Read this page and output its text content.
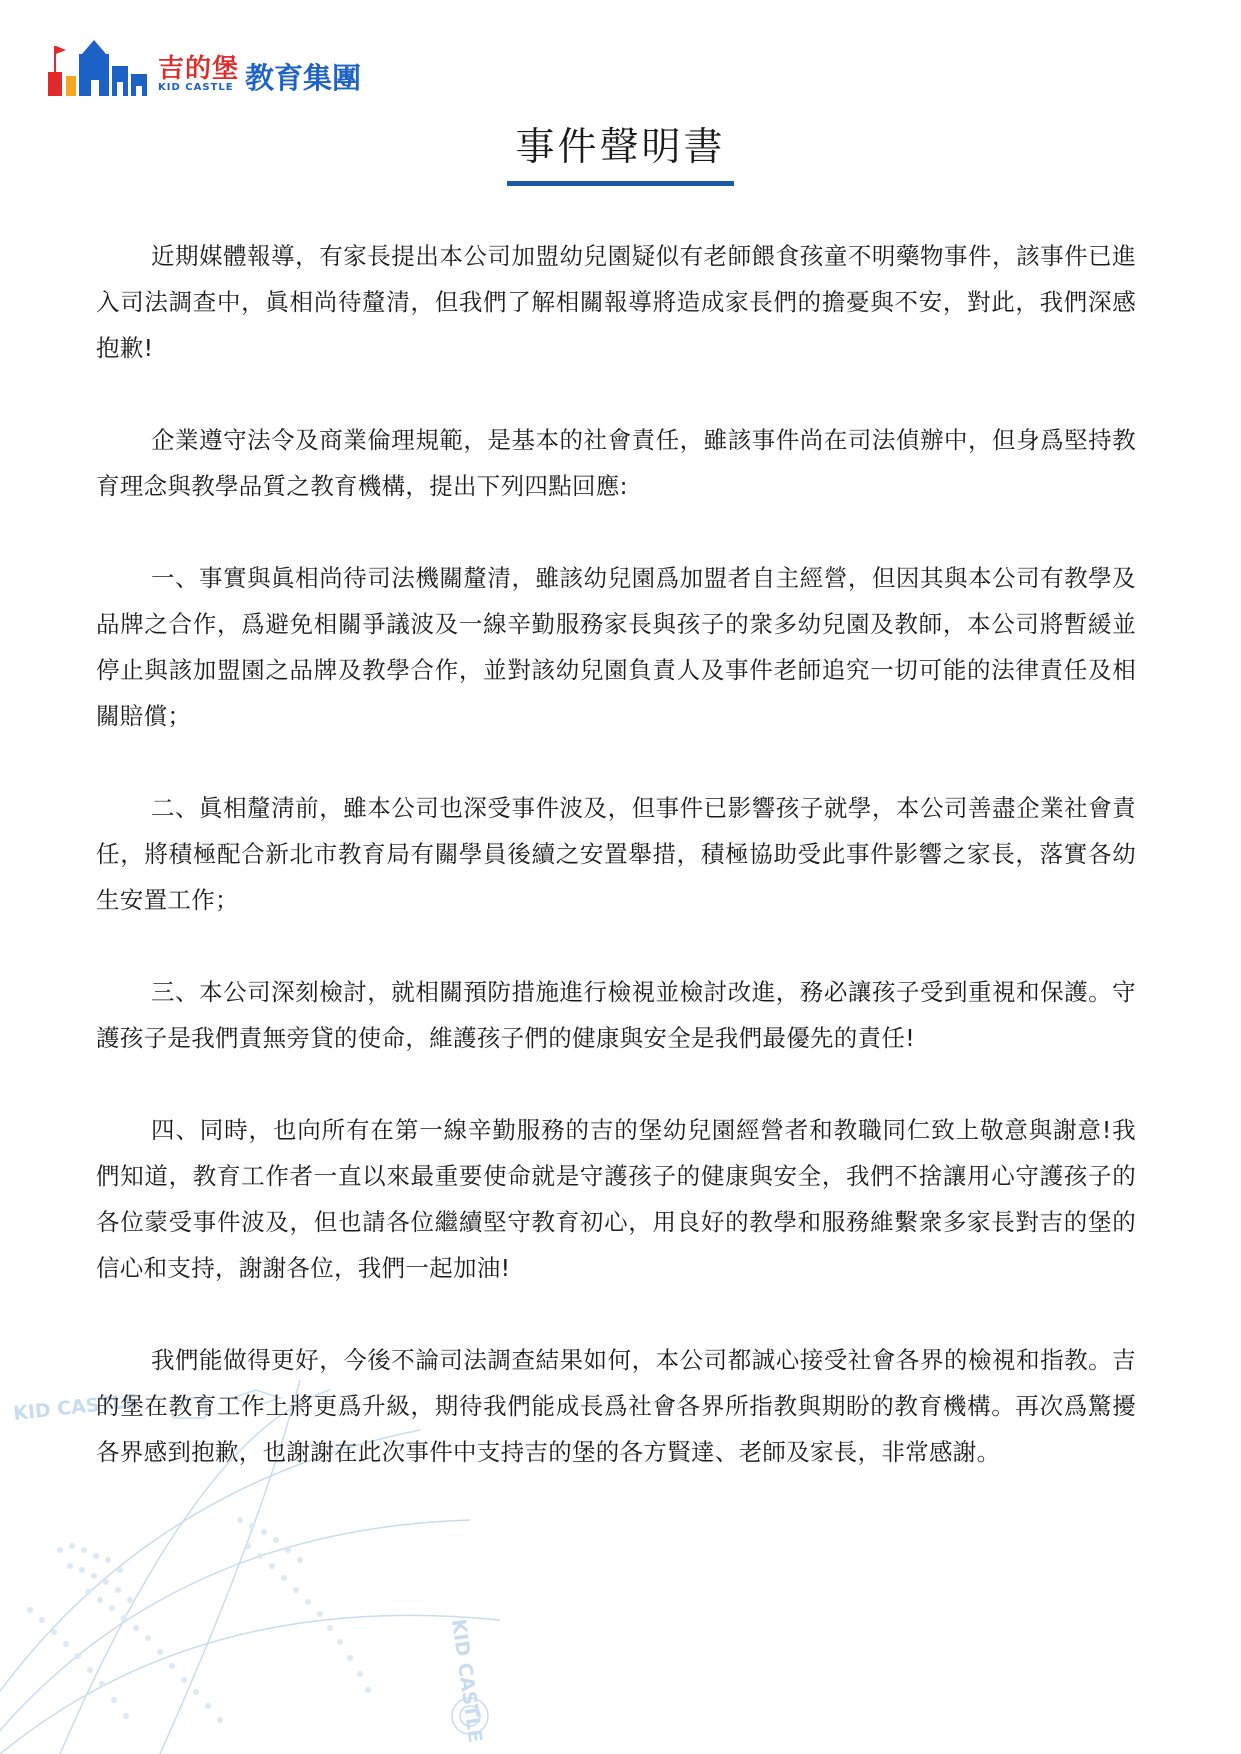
吉的堡
KID CASTLE 教育集團
事件聲明書
KID CASTLE
KID CASTLE

近期媒體報導，有家長提出本公司加盟幼兒園疑似有老師餵食孩童不明藥物事件，該事件已進入司法調查中，眞相尚待釐清，但我們了解相關報導將造成家長們的擔憂與不安，對此，我們深感抱歉!

企業遵守法令及商業倫理規範，是基本的社會責任，雖該事件尚在司法偵辦中，但身爲堅持教育理念與教學品質之教育機構，提出下列四點回應:

一、事實與眞相尚待司法機關釐清，雖該幼兒園爲加盟者自主經營，但因其與本公司有教學及品牌之合作，爲避免相關爭議波及一線辛勤服務家長與孩子的衆多幼兒園及教師，本公司將暫緩並停止與該加盟園之品牌及教學合作，並對該幼兒園負責人及事件老師追究一切可能的法律責任及相關賠償；

二、眞相釐淸前，雖本公司也深受事件波及，但事件已影響孩子就學，本公司善盡企業社會責任，將積極配合新北市教育局有關學員後續之安置舉措，積極協助受此事件影響之家長，落實各幼生安置工作；

三、本公司深刻檢討，就相關預防措施進行檢視並檢討改進，務必讓孩子受到重視和保護。守護孩子是我們責無旁貸的使命，維護孩子們的健康與安全是我們最優先的責任!

四、同時，也向所有在第一線辛勤服務的吉的堡幼兒園經營者和教職同仁致上敬意與謝意!我們知道，教育工作者一直以來最重要使命就是守護孩子的健康與安全，我們不捨讓用心守護孩子的各位蒙受事件波及，但也請各位繼續堅守教育初心，用良好的教學和服務維繫衆多家長對吉的堡的信心和支持，謝謝各位，我們一起加油!

我們能做得更好，今後不論司法調查結果如何，本公司都誠心接受社會各界的檢視和指教。吉的堡在教育工作上將更爲升級，期待我們能成長爲社會各界所指教與期盼的教育機構。再次爲驚擾各界感到抱歉，也謝謝在此次事件中支持吉的堡的各方賢達、老師及家長，非常感謝。
